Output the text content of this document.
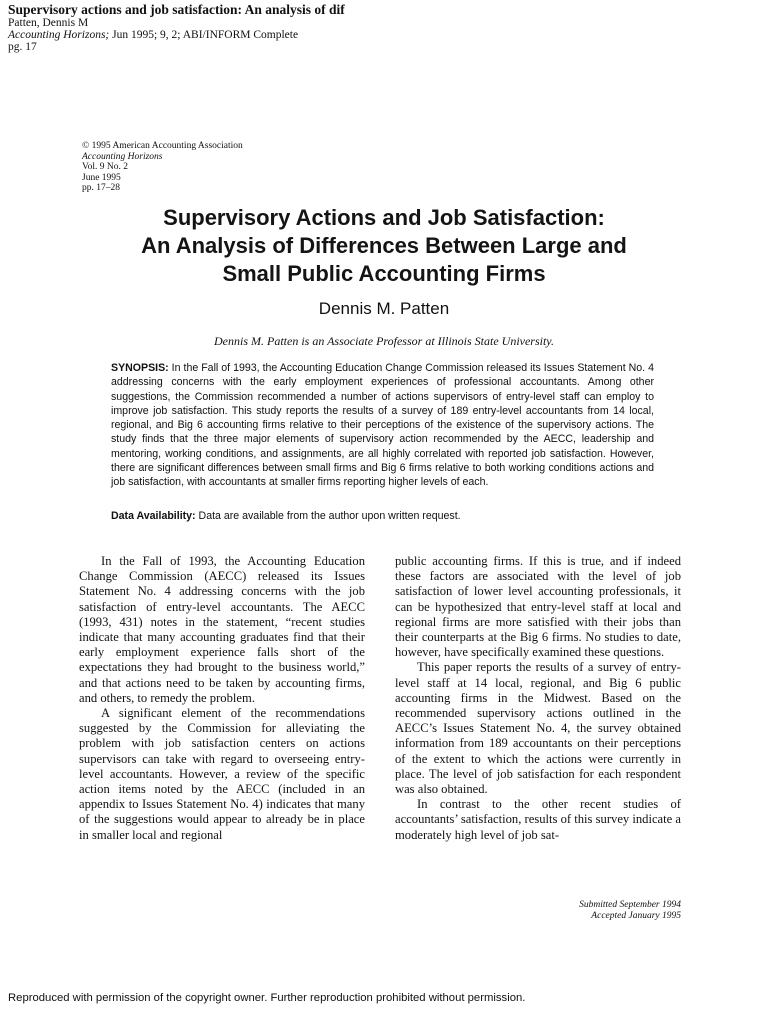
Supervisory actions and job satisfaction: An analysis of dif
Patten, Dennis M
Accounting Horizons; Jun 1995; 9, 2; ABI/INFORM Complete
pg. 17
© 1995 American Accounting Association
Accounting Horizons
Vol. 9 No. 2
June 1995
pp. 17–28
Supervisory Actions and Job Satisfaction:
An Analysis of Differences Between Large and
Small Public Accounting Firms
Dennis M. Patten
Dennis M. Patten is an Associate Professor at Illinois State University.
SYNOPSIS: In the Fall of 1993, the Accounting Education Change Commission released its Issues Statement No. 4 addressing concerns with the early employment experiences of professional accountants. Among other suggestions, the Commission recommended a number of actions supervisors of entry-level staff can employ to improve job satisfaction. This study reports the results of a survey of 189 entry-level accountants from 14 local, regional, and Big 6 accounting firms relative to their perceptions of the existence of the supervisory actions. The study finds that the three major elements of supervisory action recommended by the AECC, leadership and mentoring, working conditions, and assignments, are all highly correlated with reported job satisfaction. However, there are significant differences between small firms and Big 6 firms relative to both working conditions actions and job satisfaction, with accountants at smaller firms reporting higher levels of each.
Data Availability: Data are available from the author upon written request.

In the Fall of 1993, the Accounting Education Change Commission (AECC) released its Issues Statement No. 4 addressing concerns with the job satisfaction of entry-level accountants. The AECC (1993, 431) notes in the statement, “recent studies indicate that many accounting graduates find that their early employment experience falls short of the expectations they had brought to the business world,” and that actions need to be taken by accounting firms, and others, to remedy the problem.

A significant element of the recommendations suggested by the Commission for alleviating the problem with job satisfaction centers on actions supervisors can take with regard to overseeing entry-level accountants. However, a review of the specific action items noted by the AECC (included in an appendix to Issues Statement No. 4) indicates that many of the suggestions would appear to already be in place in smaller local and regional

public accounting firms. If this is true, and if indeed these factors are associated with the level of job satisfaction of lower level accounting professionals, it can be hypothesized that entry-level staff at local and regional firms are more satisfied with their jobs than their counterparts at the Big 6 firms. No studies to date, however, have specifically examined these questions.

This paper reports the results of a survey of entry-level staff at 14 local, regional, and Big 6 public accounting firms in the Midwest. Based on the recommended supervisory actions outlined in the AECC’s Issues Statement No. 4, the survey obtained information from 189 accountants on their perceptions of the extent to which the actions were currently in place. The level of job satisfaction for each respondent was also obtained.

In contrast to the other recent studies of accountants’ satisfaction, results of this survey indicate a moderately high level of job sat-

Submitted September 1994
Accepted January 1995
Reproduced with permission of the copyright owner. Further reproduction prohibited without permission.
